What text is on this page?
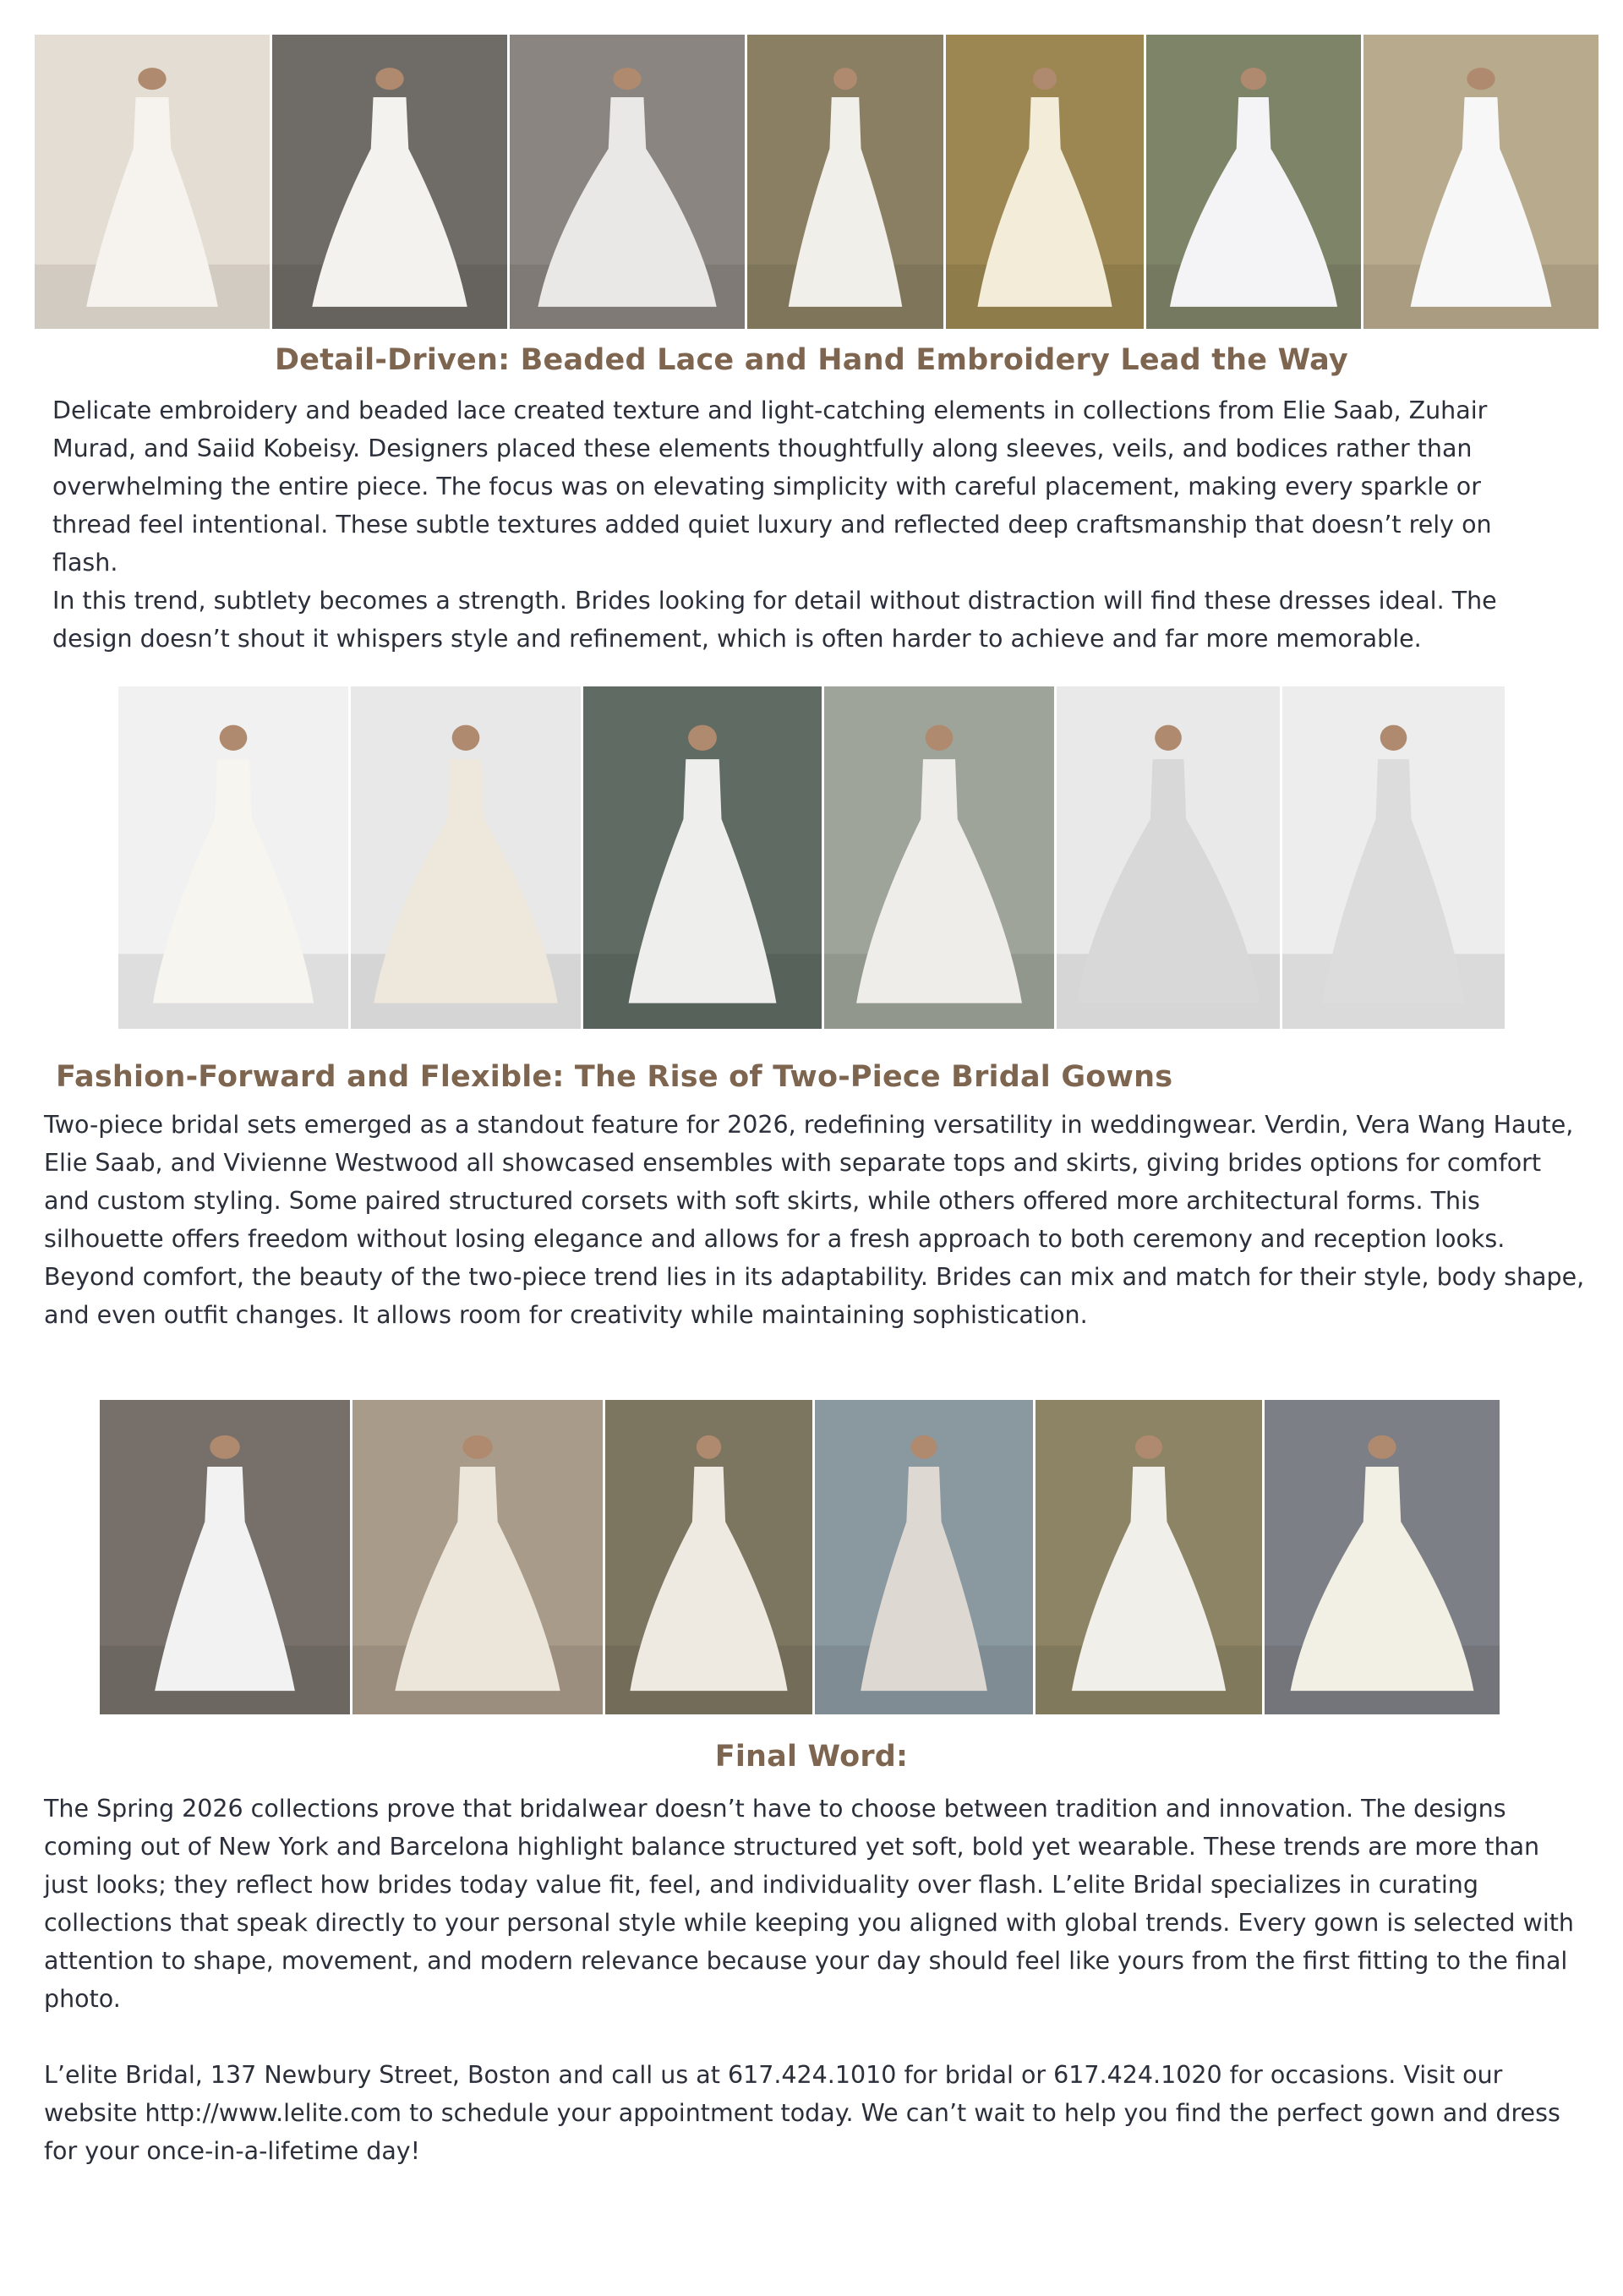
Detail-Driven: Beaded Lace and Hand Embroidery Lead the Way

Delicate embroidery and beaded lace created texture and light-catching elements in collections from Elie Saab, Zuhair Murad, and Saiid Kobeisy. Designers placed these elements thoughtfully along sleeves, veils, and bodices rather than overwhelming the entire piece. The focus was on elevating simplicity with careful placement, making every sparkle or thread feel intentional. These subtle textures added quiet luxury and reflected deep craftsmanship that doesn’t rely on flash.

In this trend, subtlety becomes a strength. Brides looking for detail without distraction will find these dresses ideal. The design doesn’t shout it whispers style and refinement, which is often harder to achieve and far more memorable.

Fashion-Forward and Flexible: The Rise of Two-Piece Bridal Gowns

Two-piece bridal sets emerged as a standout feature for 2026, redefining versatility in weddingwear. Verdin, Vera Wang Haute, Elie Saab, and Vivienne Westwood all showcased ensembles with separate tops and skirts, giving brides options for comfort and custom styling. Some paired structured corsets with soft skirts, while others offered more architectural forms. This silhouette offers freedom without losing elegance and allows for a fresh approach to both ceremony and reception looks.

Beyond comfort, the beauty of the two-piece trend lies in its adaptability. Brides can mix and match for their style, body shape, and even outfit changes. It allows room for creativity while maintaining sophistication.

Final Word:

The Spring 2026 collections prove that bridalwear doesn’t have to choose between tradition and innovation. The designs coming out of New York and Barcelona highlight balance structured yet soft, bold yet wearable. These trends are more than just looks; they reflect how brides today value fit, feel, and individuality over flash. L’elite Bridal specializes in curating collections that speak directly to your personal style while keeping you aligned with global trends. Every gown is selected with attention to shape, movement, and modern relevance because your day should feel like yours from the first fitting to the final photo.

L’elite Bridal, 137 Newbury Street, Boston and call us at 617.424.1010 for bridal or 617.424.1020 for occasions. Visit our website http://www.lelite.com to schedule your appointment today. We can’t wait to help you find the perfect gown and dress for your once-in-a-lifetime day!
